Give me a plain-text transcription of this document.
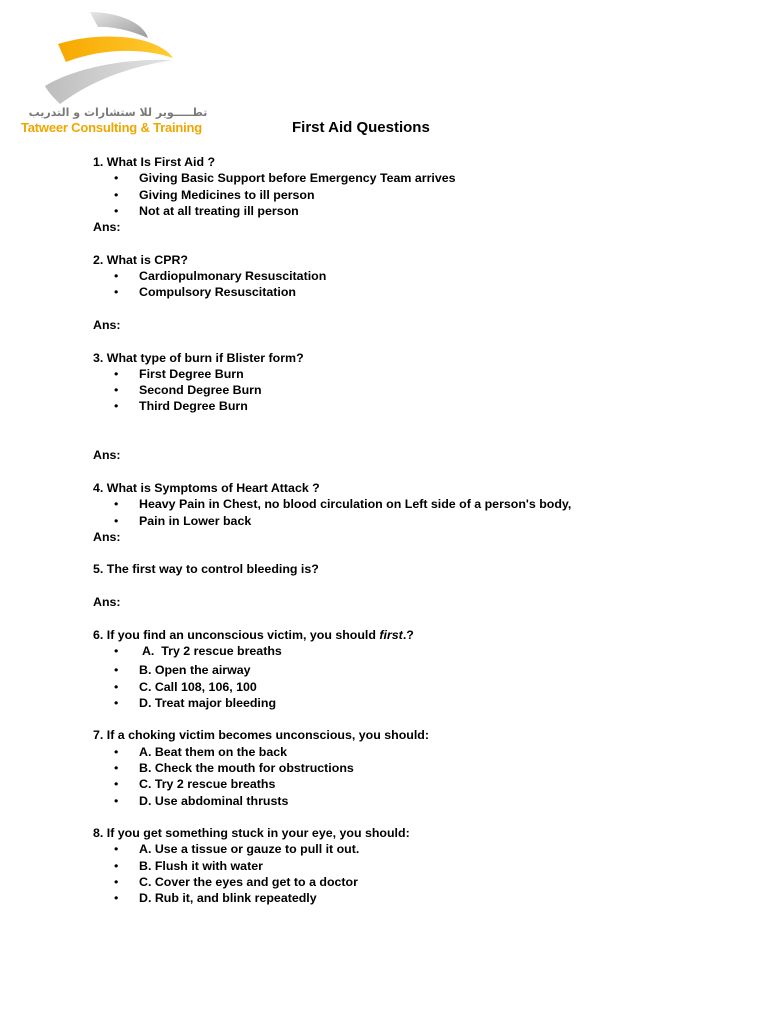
تطـــــوير للا ستشارات و التدريب
Tatweer Consulting & Training	First Aid Questions

1. What Is First Aid ?

• Giving Basic Support before Emergency Team arrives
• Giving Medicines to ill person
• Not at all treating ill person

Ans:

2. What is CPR?

• Cardiopulmonary Resuscitation
• Compulsory Resuscitation

Ans:

3. What type of burn if Blister form?

• First Degree Burn
• Second Degree Burn
• Third Degree Burn

Ans:

4. What is Symptoms of Heart Attack ?

• Heavy Pain in Chest, no blood circulation on Left side of a person's body,
• Pain in Lower back

Ans:

5. The first way to control bleeding is?

Ans:

6. If you find an unconscious victim, you should first.?

•  A.  Try 2 rescue breaths
• B. Open the airway
• C. Call 108, 106, 100
• D. Treat major bleeding

7. If a choking victim becomes unconscious, you should:

• A. Beat them on the back
• B. Check the mouth for obstructions
• C. Try 2 rescue breaths
• D. Use abdominal thrusts

8. If you get something stuck in your eye, you should:

• A. Use a tissue or gauze to pull it out.
• B. Flush it with water
• C. Cover the eyes and get to a doctor
• D. Rub it, and blink repeatedly
